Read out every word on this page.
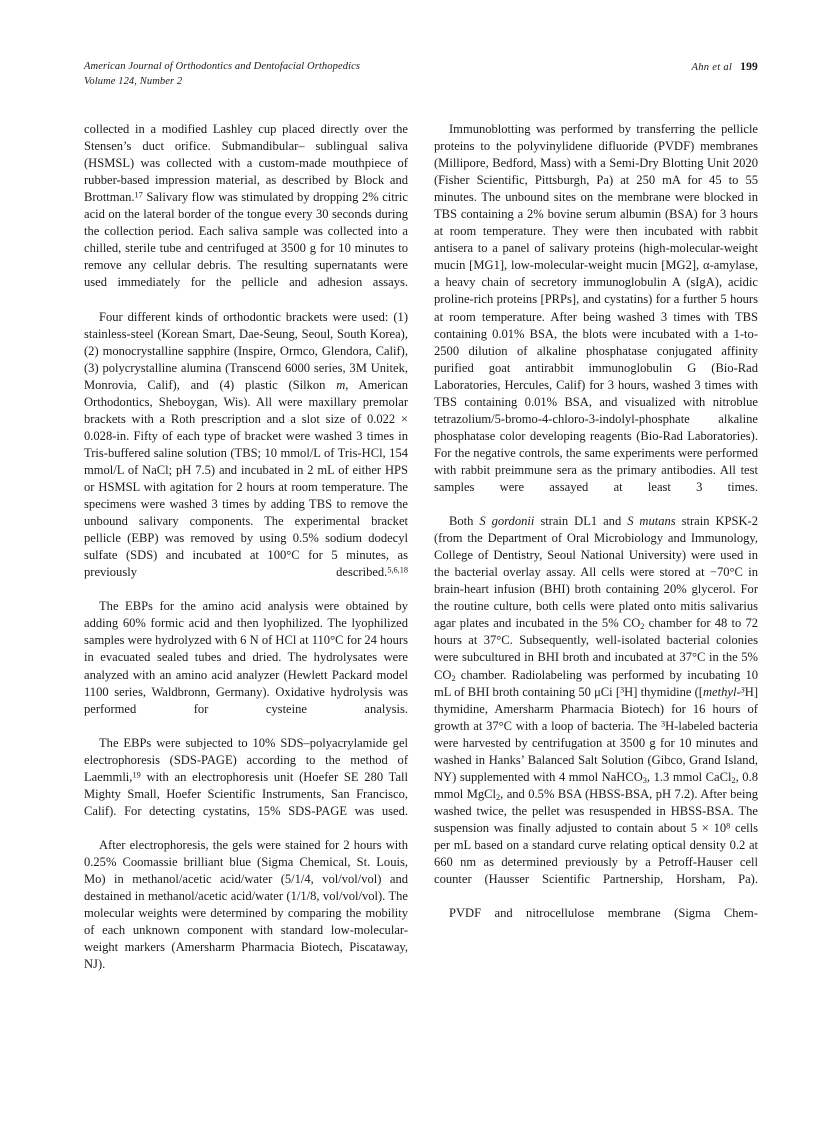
American Journal of Orthodontics and Dentofacial Orthopedics
Volume 124, Number 2
Ahn et al 199

collected in a modified Lashley cup placed directly over the Stensen’s duct orifice. Submandibular– sublingual saliva (HSMSL) was collected with a custom-made mouthpiece of rubber-based impression material, as described by Block and Brottman.$^{17}$ Salivary flow was stimulated by dropping 2% citric acid on the lateral border of the tongue every 30 seconds during the collection period. Each saliva sample was collected into a chilled, sterile tube and centrifuged at 3500 g for 10 minutes to remove any cellular debris. The resulting supernatants were used immediately for the pellicle and adhesion assays.

Four different kinds of orthodontic brackets were used: (1) stainless-steel (Korean Smart, Dae-Seung, Seoul, South Korea), (2) monocrystalline sapphire (Inspire, Ormco, Glendora, Calif), (3) polycrystalline alumina (Transcend 6000 series, 3M Unitek, Monrovia, Calif), and (4) plastic (Silkon m, American Orthodontics, Sheboygan, Wis). All were maxillary premolar brackets with a Roth prescription and a slot size of 0.022 × 0.028-in. Fifty of each type of bracket were washed 3 times in Tris-buffered saline solution (TBS; 10 mmol/L of Tris-HCl, 154 mmol/L of NaCl; pH 7.5) and incubated in 2 mL of either HPS or HSMSL with agitation for 2 hours at room temperature. The specimens were washed 3 times by adding TBS to remove the unbound salivary components. The experimental bracket pellicle (EBP) was removed by using 0.5% sodium dodecyl sulfate (SDS) and incubated at 100°C for 5 minutes, as previously described.$^{5,6,18}$

The EBPs for the amino acid analysis were obtained by adding 60% formic acid and then lyophilized. The lyophilized samples were hydrolyzed with 6 N of HCl at 110°C for 24 hours in evacuated sealed tubes and dried. The hydrolysates were analyzed with an amino acid analyzer (Hewlett Packard model 1100 series, Waldbronn, Germany). Oxidative hydrolysis was performed for cysteine analysis.

The EBPs were subjected to 10% SDS–polyacrylamide gel electrophoresis (SDS-PAGE) according to the method of Laemmli,$^{19}$ with an electrophoresis unit (Hoefer SE 280 Tall Mighty Small, Hoefer Scientific Instruments, San Francisco, Calif). For detecting cystatins, 15% SDS-PAGE was used.

After electrophoresis, the gels were stained for 2 hours with 0.25% Coomassie brilliant blue (Sigma Chemical, St. Louis, Mo) in methanol/acetic acid/water (5/1/4, vol/vol/vol) and destained in methanol/acetic acid/water (1/1/8, vol/vol/vol). The molecular weights were determined by comparing the mobility of each unknown component with standard low-molecular-weight markers (Amersharm Pharmacia Biotech, Piscataway, NJ).

Immunoblotting was performed by transferring the pellicle proteins to the polyvinylidene difluoride (PVDF) membranes (Millipore, Bedford, Mass) with a Semi-Dry Blotting Unit 2020 (Fisher Scientific, Pittsburgh, Pa) at 250 mA for 45 to 55 minutes. The unbound sites on the membrane were blocked in TBS containing a 2% bovine serum albumin (BSA) for 3 hours at room temperature. They were then incubated with rabbit antisera to a panel of salivary proteins (high-molecular-weight mucin [MG1], low-molecular-weight mucin [MG2], α-amylase, a heavy chain of secretory immunoglobulin A (sIgA), acidic proline-rich proteins [PRPs], and cystatins) for a further 5 hours at room temperature. After being washed 3 times with TBS containing 0.01% BSA, the blots were incubated with a 1-to-2500 dilution of alkaline phosphatase conjugated affinity purified goat antirabbit immunoglobulin G (Bio-Rad Laboratories, Hercules, Calif) for 3 hours, washed 3 times with TBS containing 0.01% BSA, and visualized with nitroblue tetrazolium/5-bromo-4-chloro-3-indolyl-phosphate alkaline phosphatase color developing reagents (Bio-Rad Laboratories). For the negative controls, the same experiments were performed with rabbit preimmune sera as the primary antibodies. All test samples were assayed at least 3 times.

Both S gordonii strain DL1 and S mutans strain KPSK-2 (from the Department of Oral Microbiology and Immunology, College of Dentistry, Seoul National University) were used in the bacterial overlay assay. All cells were stored at −70°C in brain-heart infusion (BHI) broth containing 20% glycerol. For the routine culture, both cells were plated onto mitis salivarius agar plates and incubated in the 5% $CO_2$ chamber for 48 to 72 hours at 37°C. Subsequently, well-isolated bacterial colonies were subcultured in BHI broth and incubated at 37°C in the 5% $CO_2$ chamber. Radiolabeling was performed by incubating 10 mL of BHI broth containing 50 μCi [$^3$H] thymidine ([methyl-$^3$H] thymidine, Amersharm Pharmacia Biotech) for 16 hours of growth at 37°C with a loop of bacteria. The $^3$H-labeled bacteria were harvested by centrifugation at 3500 g for 10 minutes and washed in Hanks’ Balanced Salt Solution (Gibco, Grand Island, NY) supplemented with 4 mmol NaHCO$_3$, 1.3 mmol CaCl$_2$, 0.8 mmol MgCl$_2$, and 0.5% BSA (HBSS-BSA, pH 7.2). After being washed twice, the pellet was resuspended in HBSS-BSA. The suspension was finally adjusted to contain about $5 \times 10^8$ cells per mL based on a standard curve relating optical density 0.2 at 660 nm as determined previously by a Petroff-Hauser cell counter (Hausser Scientific Partnership, Horsham, Pa).

PVDF and nitrocellulose membrane (Sigma Chem-
